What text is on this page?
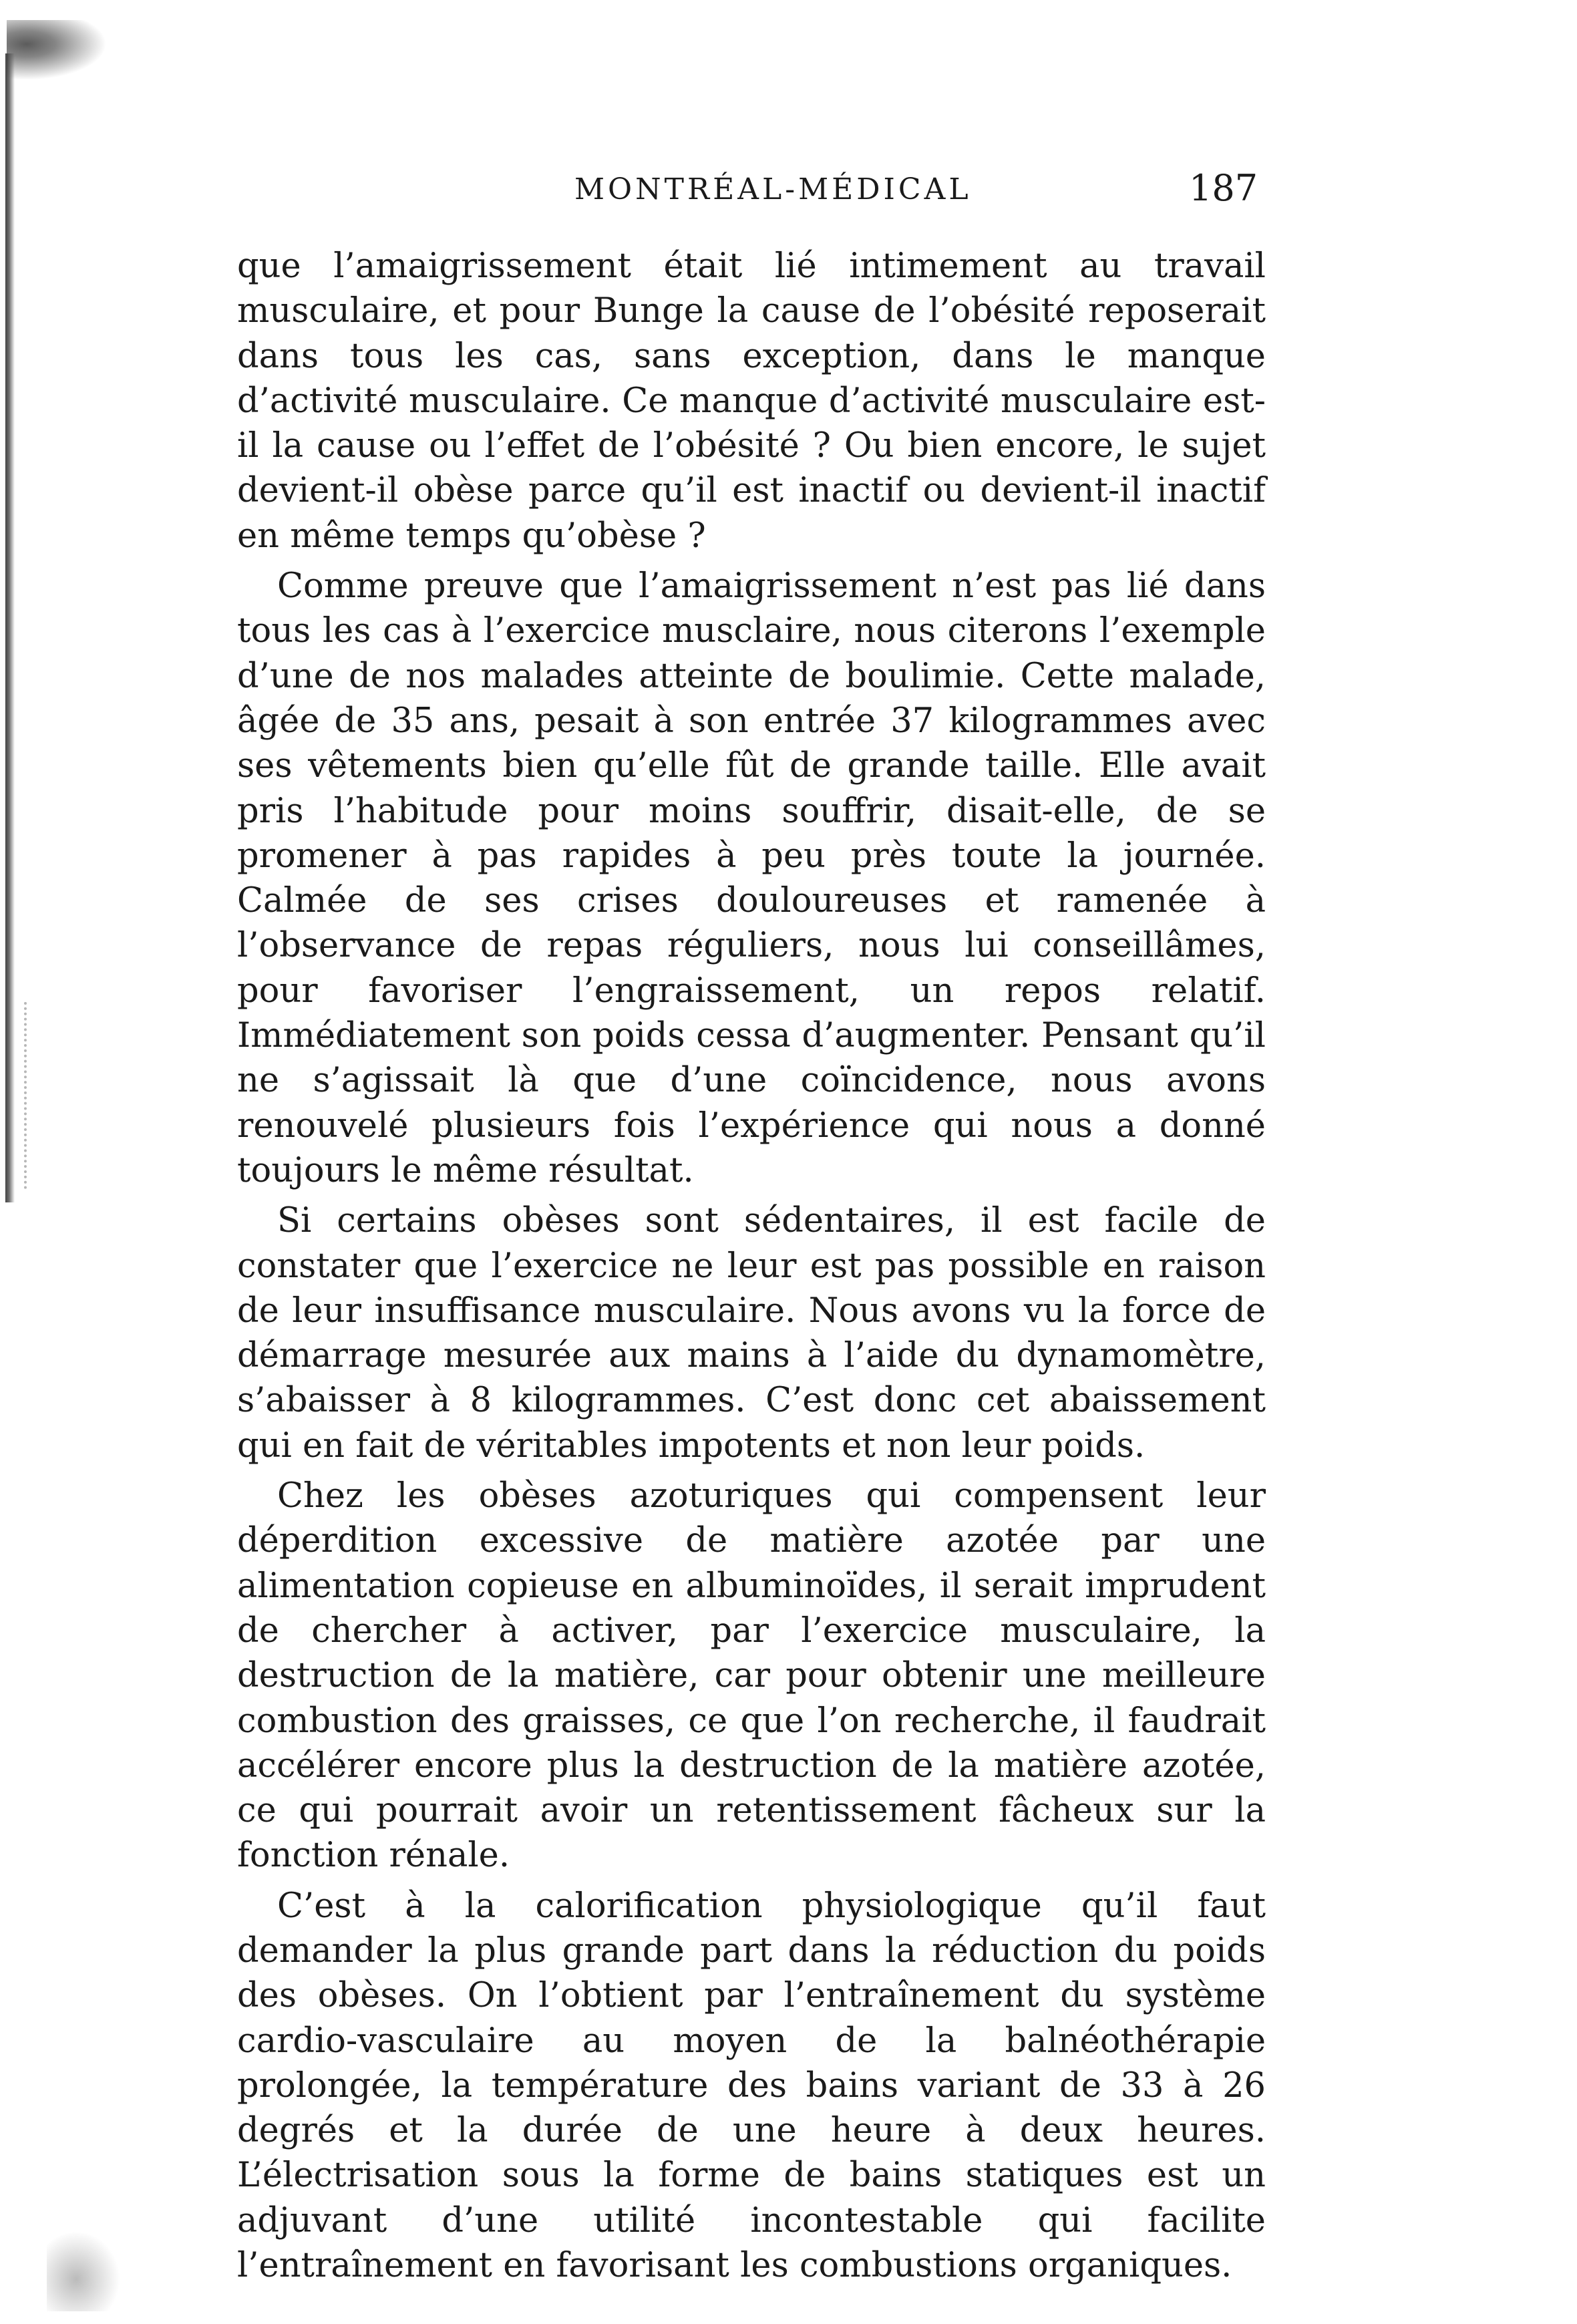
MONTRÉAL-MÉDICAL	187

que l’amaigrissement était lié intimement au travail musculaire, et pour Bunge la cause de l’obésité reposerait dans tous les cas, sans exception, dans le manque d’activité musculaire. Ce manque d’activité musculaire est-il la cause ou l’effet de l’obésité ? Ou bien encore, le sujet devient-il obèse parce qu’il est inactif ou devient-il inactif en même temps qu’obèse ?

Comme preuve que l’amaigrissement n’est pas lié dans tous les cas à l’exercice musclaire, nous citerons l’exemple d’une de nos malades atteinte de boulimie. Cette malade, âgée de 35 ans, pesait à son entrée 37 kilogrammes avec ses vêtements bien qu’elle fût de grande taille. Elle avait pris l’habitude pour moins souffrir, disait-elle, de se promener à pas rapides à peu près toute la journée. Calmée de ses crises douloureuses et ramenée à l’observance de repas réguliers, nous lui conseillâmes, pour favoriser l’engraissement, un repos relatif. Immédiatement son poids cessa d’augmenter. Pensant qu’il ne s’agissait là que d’une coïncidence, nous avons renouvelé plusieurs fois l’expérience qui nous a donné toujours le même résultat.

Si certains obèses sont sédentaires, il est facile de constater que l’exercice ne leur est pas possible en raison de leur insuffisance musculaire. Nous avons vu la force de démarrage mesurée aux mains à l’aide du dynamomètre, s’abaisser à 8 kilogrammes. C’est donc cet abaissement qui en fait de véritables impotents et non leur poids.

Chez les obèses azoturiques qui compensent leur déperdition excessive de matière azotée par une alimentation copieuse en albuminoïdes, il serait imprudent de chercher à activer, par l’exercice musculaire, la destruction de la matière, car pour obtenir une meilleure combustion des graisses, ce que l’on recherche, il faudrait accélérer encore plus la destruction de la matière azotée, ce qui pourrait avoir un retentissement fâcheux sur la fonction rénale.

C’est à la calorification physiologique qu’il faut demander la plus grande part dans la réduction du poids des obèses. On l’obtient par l’entraînement du système cardio-vasculaire au moyen de la balnéothérapie prolongée, la température des bains variant de 33 à 26 degrés et la durée de une heure à deux heures. L’électrisation sous la forme de bains statiques est un adjuvant d’une utilité incontestable qui facilite l’entraînement en favorisant les combustions organiques.
